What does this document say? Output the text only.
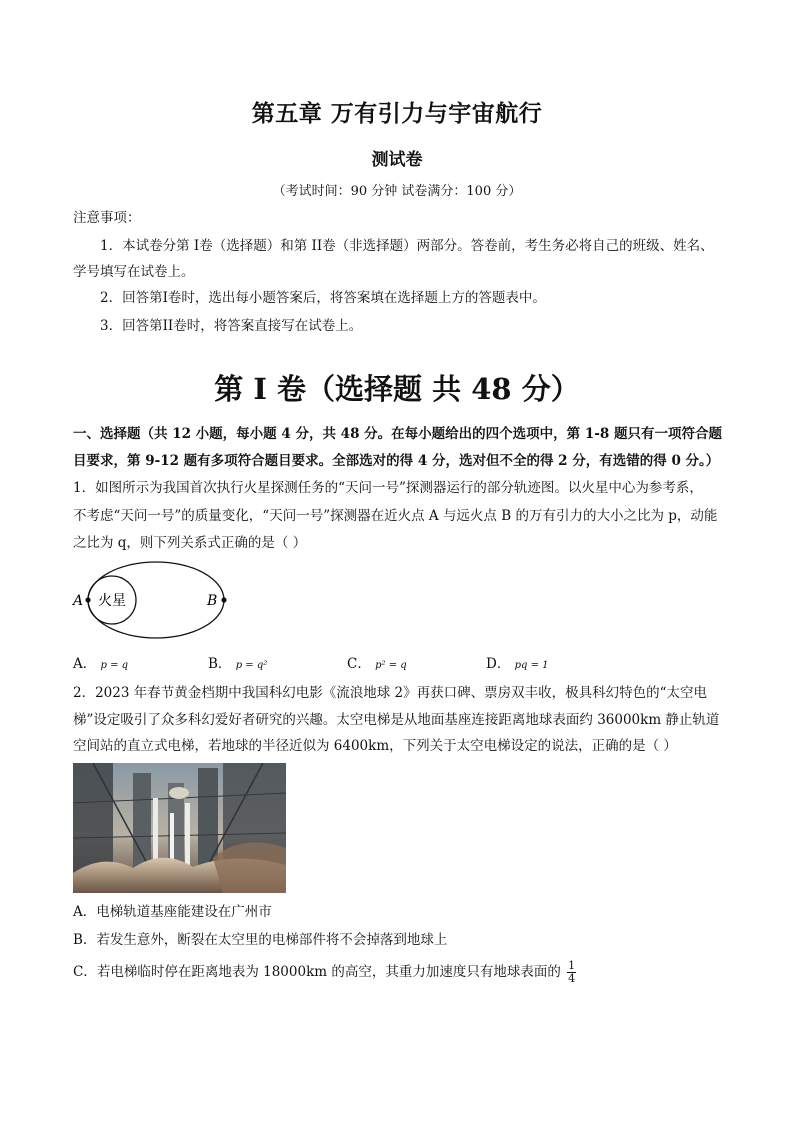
第五章 万有引力与宇宙航行
测试卷
（考试时间：90 分钟 试卷满分：100 分）
注意事项：
1．本试卷分第 I卷（选择题）和第 II卷（非选择题）两部分。答卷前，考生务必将自己的班级、姓名、
学号填写在试卷上。
2．回答第I卷时，选出每小题答案后，将答案填在选择题上方的答题表中。
3．回答第II卷时，将答案直接写在试卷上。
第 I 卷（选择题 共 48 分）
一、选择题（共 12 小题，每小题 4 分，共 48 分。在每小题给出的四个选项中，第 1-8 题只有一项符合题
目要求，第 9-12 题有多项符合题目要求。全部选对的得 4 分，选对但不全的得 2 分，有选错的得 0 分。）
1．如图所示为我国首次执行火星探测任务的“天问一号”探测器运行的部分轨迹图。以火星中心为参考系，
不考虑“天问一号”的质量变化，“天问一号”探测器在近火点 A 与远火点 B 的万有引力的大小之比为 p，动能
之比为 q，则下列关系式正确的是（ ）
火星
A	B
A． p = q	B． p = q²	C． p² = q	D． pq = 1
2．2023 年春节黄金档期中我国科幻电影《流浪地球 2》再获口碑、票房双丰收，极具科幻特色的“太空电
梯”设定吸引了众多科幻爱好者研究的兴趣。太空电梯是从地面基座连接距离地球表面约 36000km 静止轨道
空间站的直立式电梯，若地球的半径近似为 6400km，下列关于太空电梯设定的说法，正确的是（ ）
A．电梯轨道基座能建设在广州市
B．若发生意外，断裂在太空里的电梯部件将不会掉落到地球上
C．若电梯临时停在距离地表为 18000km 的高空，其重力加速度只有地球表面的 $\frac{1}{4}$
